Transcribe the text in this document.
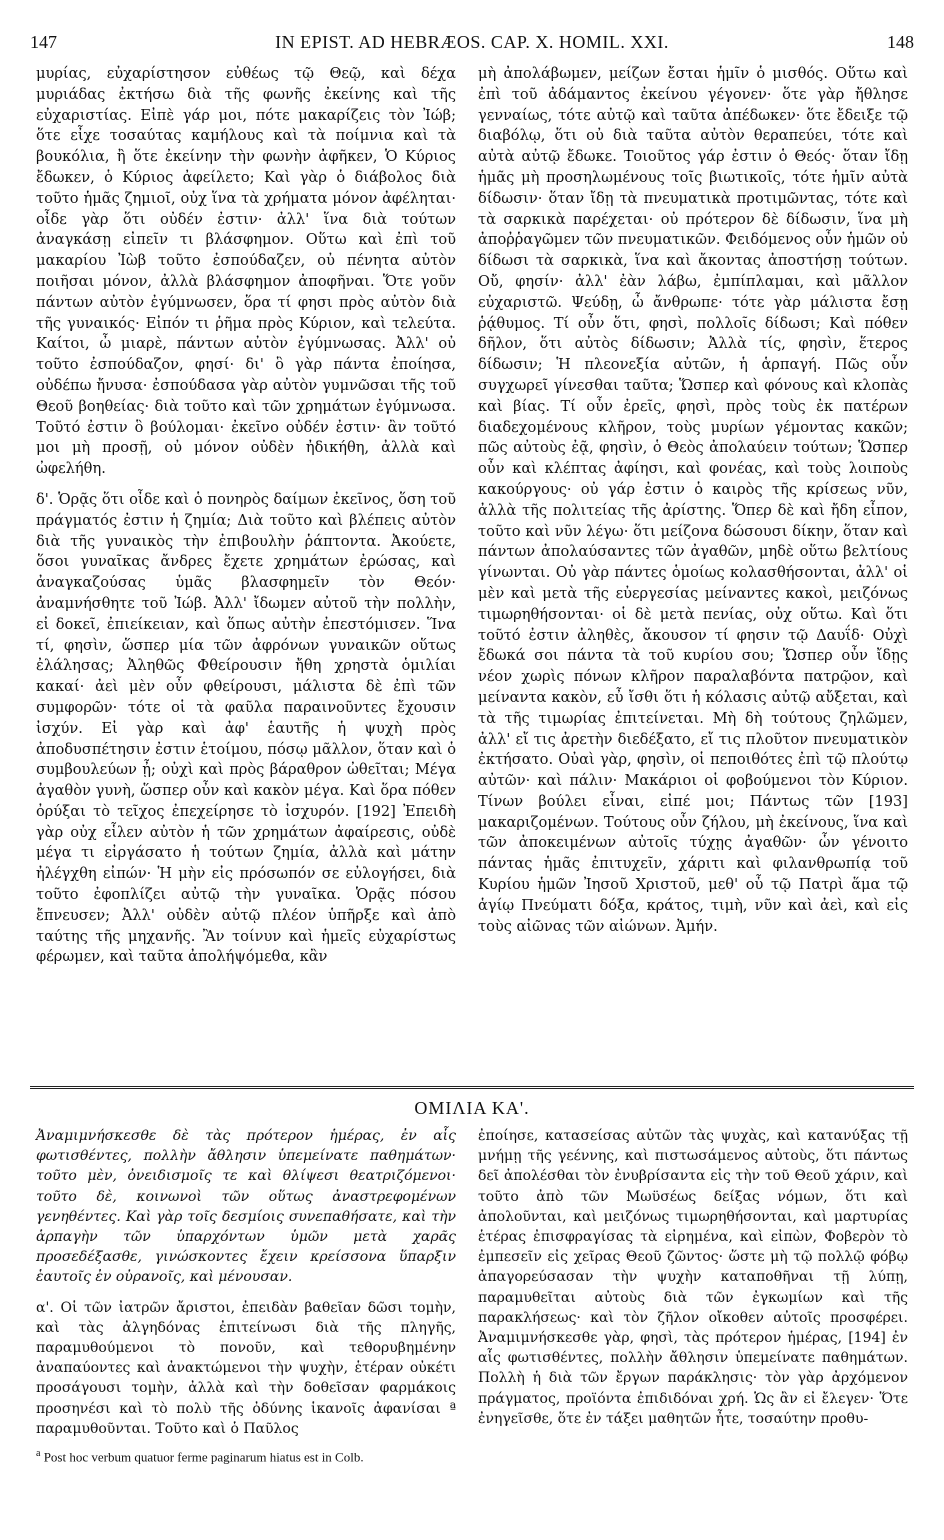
147	IN EPIST. AD HEBRÆOS. CAP. X. HOMIL. XXI.	148

μυρίας, εὐχαρίστησον εὐθέως τῷ Θεῷ, καὶ δέχα μυριάδας ἐκτήσω διὰ τῆς φωνῆς ἐκείνης καὶ τῆς εὐχαριστίας. Εἰπὲ γάρ μοι, πότε μακαρίζεις τὸν Ἰώβ; ὅτε εἶχε τοσαύτας καμήλους καὶ τὰ ποίμνια καὶ τὰ βουκόλια, ἢ ὅτε ἐκείνην τὴν φωνὴν ἀφῆκεν, Ὁ Κύριος ἔδωκεν, ὁ Κύριος ἀφείλετο; Καὶ γὰρ ὁ διάβολος διὰ τοῦτο ἡμᾶς ζημιοῖ, οὐχ ἵνα τὰ χρήματα μόνον ἀφέληται· οἶδε γὰρ ὅτι οὐδέν ἐστιν· ἀλλ' ἵνα διὰ τούτων ἀναγκάσῃ εἰπεῖν τι βλάσφημον. Οὕτω καὶ ἐπὶ τοῦ μακαρίου Ἰὼβ τοῦτο ἐσπούδαζεν, οὐ πένητα αὐτὸν ποιῆσαι μόνον, ἀλλὰ βλάσφημον ἀποφῆναι. Ὅτε γοῦν πάντων αὐτὸν ἐγύμνωσεν, ὅρα τί φησι πρὸς αὐτὸν διὰ τῆς γυναικός· Εἰπόν τι ῥῆμα πρὸς Κύριον, καὶ τελεύτα. Καίτοι, ὦ μιαρὲ, πάντων αὐτὸν ἐγύμνωσας. Ἀλλ' οὐ τοῦτο ἐσπούδαζον, φησί· δι' ὃ γὰρ πάντα ἐποίησα, οὐδέπω ἤνυσα· ἐσπούδασα γὰρ αὐτὸν γυμνῶσαι τῆς τοῦ Θεοῦ βοηθείας· διὰ τοῦτο καὶ τῶν χρημάτων ἐγύμνωσα. Τοῦτό ἐστιν ὃ βούλομαι· ἐκεῖνο οὐδέν ἐστιν· ἂν τοῦτό μοι μὴ προσῇ, οὐ μόνον οὐδὲν ἠδικήθη, ἀλλὰ καὶ ὠφελήθη.

δ'. Ὁρᾷς ὅτι οἶδε καὶ ὁ πονηρὸς δαίμων ἐκεῖνος, ὅση τοῦ πράγματός ἐστιν ἡ ζημία; Διὰ τοῦτο καὶ βλέπεις αὐτὸν διὰ τῆς γυναικὸς τὴν ἐπιβουλὴν ῥάπτοντα. Ἀκούετε, ὅσοι γυναῖκας ἄνδρες ἔχετε χρημάτων ἐρώσας, καὶ ἀναγκαζούσας ὑμᾶς βλασφημεῖν τὸν Θεόν· ἀναμνήσθητε τοῦ Ἰώβ. Ἀλλ' ἴδωμεν αὐτοῦ τὴν πολλὴν, εἰ δοκεῖ, ἐπιείκειαν, καὶ ὅπως αὐτὴν ἐπεστόμισεν. Ἵνα τί, φησὶν, ὥσπερ μία τῶν ἀφρόνων γυναικῶν οὕτως ἐλάλησας; Ἀληθῶς Φθείρουσιν ἤθη χρηστὰ ὁμιλίαι κακαί· ἀεὶ μὲν οὖν φθείρουσι, μάλιστα δὲ ἐπὶ τῶν συμφορῶν· τότε οἱ τὰ φαῦλα παραινοῦντες ἔχουσιν ἰσχύν. Εἰ γὰρ καὶ ἀφ' ἑαυτῆς ἡ ψυχὴ πρὸς ἀποδυσπέτησιν ἐστιν ἑτοίμου, πόσῳ μᾶλλον, ὅταν καὶ ὁ συμβουλεύων ᾖ; οὐχὶ καὶ πρὸς βάραθρον ὠθεῖται; Μέγα ἀγαθὸν γυνὴ, ὥσπερ οὖν καὶ κακὸν μέγα. Καὶ ὅρα πόθεν ὀρύξαι τὸ τεῖχος ἐπεχείρησε τὸ ἰσχυρόν. [192] Ἐπειδὴ γὰρ οὐχ εἷλεν αὐτὸν ἡ τῶν χρημάτων ἀφαίρεσις, οὐδὲ μέγα τι εἰργάσατο ἡ τούτων ζημία, ἀλλὰ καὶ μάτην ἠλέγχθη εἰπών· Ἡ μὴν εἰς πρόσωπόν σε εὐλογήσει, διὰ τοῦτο ἐφοπλίζει αὐτῷ τὴν γυναῖκα. Ὁρᾷς πόσου ἔπνευσεν; Ἀλλ' οὐδὲν αὐτῷ πλέον ὑπῆρξε καὶ ἀπὸ ταύτης τῆς μηχανῆς. Ἂν τοίνυν καὶ ἡμεῖς εὐχαρίστως φέρωμεν, καὶ ταῦτα ἀπολήψόμεθα, κἂν

μὴ ἀπολάβωμεν, μείζων ἔσται ἡμῖν ὁ μισθός. Οὕτω καὶ ἐπὶ τοῦ ἀδάμαντος ἐκείνου γέγονεν· ὅτε γὰρ ἤθλησε γενναίως, τότε αὐτῷ καὶ ταῦτα ἀπέδωκεν· ὅτε ἔδειξε τῷ διαβόλῳ, ὅτι οὐ διὰ ταῦτα αὐτὸν θεραπεύει, τότε καὶ αὐτὰ αὐτῷ ἔδωκε. Τοιοῦτος γάρ ἐστιν ὁ Θεός· ὅταν ἴδῃ ἡμᾶς μὴ προσηλωμένους τοῖς βιωτικοῖς, τότε ἡμῖν αὐτὰ δίδωσιν· ὅταν ἴδῃ τὰ πνευματικὰ προτιμῶντας, τότε καὶ τὰ σαρκικὰ παρέχεται· οὐ πρότερον δὲ δίδωσιν, ἵνα μὴ ἀποῤῥαγῶμεν τῶν πνευματικῶν. Φειδόμενος οὖν ἡμῶν οὐ δίδωσι τὰ σαρκικὰ, ἵνα καὶ ἄκοντας ἀποστήσῃ τούτων. Οὔ, φησίν· ἀλλ' ἐὰν λάβω, ἐμπίπλαμαι, καὶ μᾶλλον εὐχαριστῶ. Ψεύδῃ, ὦ ἄνθρωπε· τότε γὰρ μάλιστα ἔσῃ ῥᾴθυμος. Τί οὖν ὅτι, φησὶ, πολλοῖς δίδωσι; Καὶ πόθεν δῆλον, ὅτι αὐτὸς δίδωσιν; Ἀλλὰ τίς, φησὶν, ἕτερος δίδωσιν; Ἡ πλεονεξία αὐτῶν, ἡ ἁρπαγή. Πῶς οὖν συγχωρεῖ γίνεσθαι ταῦτα; Ὥσπερ καὶ φόνους καὶ κλοπὰς καὶ βίας. Τί οὖν ἐρεῖς, φησὶ, πρὸς τοὺς ἐκ πατέρων διαδεχομένους κλῆρον, τοὺς μυρίων γέμοντας κακῶν; πῶς αὐτοὺς ἐᾷ, φησὶν, ὁ Θεὸς ἀπολαύειν τούτων; Ὥσπερ οὖν καὶ κλέπτας ἀφίησι, καὶ φονέας, καὶ τοὺς λοιποὺς κακούργους· οὐ γάρ ἐστιν ὁ καιρὸς τῆς κρίσεως νῦν, ἀλλὰ τῆς πολιτείας τῆς ἀρίστης. Ὅπερ δὲ καὶ ἤδη εἶπον, τοῦτο καὶ νῦν λέγω· ὅτι μείζονα δώσουσι δίκην, ὅταν καὶ πάντων ἀπολαύσαντες τῶν ἀγαθῶν, μηδὲ οὕτω βελτίους γίνωνται. Οὐ γὰρ πάντες ὁμοίως κολασθήσονται, ἀλλ' οἱ μὲν καὶ μετὰ τῆς εὐεργεσίας μείναντες κακοὶ, μειζόνως τιμωρηθήσονται· οἱ δὲ μετὰ πενίας, οὐχ οὕτω. Καὶ ὅτι τοῦτό ἐστιν ἀληθὲς, ἄκουσον τί φησιν τῷ Δαυΐδ· Οὐχὶ ἔδωκά σοι πάντα τὰ τοῦ κυρίου σου; Ὥσπερ οὖν ἴδῃς νέον χωρὶς πόνων κλῆρον παραλαβόντα πατρῷον, καὶ μείναντα κακὸν, εὖ ἴσθι ὅτι ἡ κόλασις αὐτῷ αὔξεται, καὶ τὰ τῆς τιμωρίας ἐπιτείνεται. Μὴ δὴ τούτους ζηλῶμεν, ἀλλ' εἴ τις ἀρετὴν διεδέξατο, εἴ τις πλοῦτον πνευματικὸν ἐκτήσατο. Οὐαὶ γὰρ, φησὶν, οἱ πεποιθότες ἐπὶ τῷ πλούτῳ αὐτῶν· καὶ πάλιν· Μακάριοι οἱ φοβούμενοι τὸν Κύριον. Τίνων βούλει εἶναι, εἰπέ μοι; Πάντως τῶν [193] μακαριζομένων. Τούτους οὖν ζήλου, μὴ ἐκείνους, ἵνα καὶ τῶν ἀποκειμένων αὐτοῖς τύχῃς ἀγαθῶν· ὧν γένοιτο πάντας ἡμᾶς ἐπιτυχεῖν, χάριτι καὶ φιλανθρωπίᾳ τοῦ Κυρίου ἡμῶν Ἰησοῦ Χριστοῦ, μεθ' οὗ τῷ Πατρὶ ἅμα τῷ ἁγίῳ Πνεύματι δόξα, κράτος, τιμὴ, νῦν καὶ ἀεὶ, καὶ εἰς τοὺς αἰῶνας τῶν αἰώνων. Ἀμήν.

ΟΜΙΛΙΑ ΚΑ'.

Ἀναμιμνήσκεσθε δὲ τὰς πρότερον ἡμέρας, ἐν αἷς φωτισθέντες, πολλὴν ἄθλησιν ὑπεμείνατε παθημάτων· τοῦτο μὲν, ὀνειδισμοῖς τε καὶ θλίψεσι θεατριζόμενοι· τοῦτο δὲ, κοινωνοὶ τῶν οὕτως ἀναστρεφομένων γενηθέντες. Καὶ γὰρ τοῖς δεσμίοις συνεπαθήσατε, καὶ τὴν ἁρπαγὴν τῶν ὑπαρχόντων ὑμῶν μετὰ χαρᾶς προσεδέξασθε, γινώσκοντες ἔχειν κρείσσονα ὕπαρξιν ἑαυτοῖς ἐν οὐρανοῖς, καὶ μένουσαν.

α'. Οἱ τῶν ἰατρῶν ἄριστοι, ἐπειδὰν βαθεῖαν δῶσι τομὴν, καὶ τὰς ἀλγηδόνας ἐπιτείνωσι διὰ τῆς πληγῆς, παραμυθούμενοι τὸ πονοῦν, καὶ τεθορυβημένην ἀναπαύοντες καὶ ἀνακτώμενοι τὴν ψυχὴν, ἑτέραν οὐκέτι προσάγουσι τομὴν, ἀλλὰ καὶ τὴν δοθεῖσαν φαρμάκοις προσηνέσι καὶ τὸ πολὺ τῆς ὀδύνης ἱκανοῖς ἀφανίσαι ª παραμυθοῦνται. Τοῦτο καὶ ὁ Παῦλος

$^a$ Post hoc verbum quatuor ferme paginarum hiatus est in Colb.

ἐποίησε, κατασείσας αὐτῶν τὰς ψυχὰς, καὶ κατανύξας τῇ μνήμῃ τῆς γεέννης, καὶ πιστωσάμενος αὐτοὺς, ὅτι πάντως δεῖ ἀπολέσθαι τὸν ἐνυβρίσαντα εἰς τὴν τοῦ Θεοῦ χάριν, καὶ τοῦτο ἀπὸ τῶν Μωϋσέως δείξας νόμων, ὅτι καὶ ἀπολοῦνται, καὶ μειζόνως τιμωρηθήσονται, καὶ μαρτυρίας ἑτέρας ἐπισφραγίσας τὰ εἰρημένα, καὶ εἰπὼν, Φοβερὸν τὸ ἐμπεσεῖν εἰς χεῖρας Θεοῦ ζῶντος· ὥστε μὴ τῷ πολλῷ φόβῳ ἀπαγορεύσασαν τὴν ψυχὴν καταποθῆναι τῇ λύπῃ, παραμυθεῖται αὐτοὺς διὰ τῶν ἐγκωμίων καὶ τῆς παρακλήσεως· καὶ τὸν ζῆλον οἴκοθεν αὐτοῖς προσφέρει. Ἀναμιμνήσκεσθε γὰρ, φησὶ, τὰς πρότερον ἡμέρας, [194] ἐν αἷς φωτισθέντες, πολλὴν ἄθλησιν ὑπεμείνατε παθημάτων. Πολλὴ ἡ διὰ τῶν ἔργων παράκλησις· τὸν γὰρ ἀρχόμενον πράγματος, προϊόντα ἐπιδιδόναι χρή. Ὡς ἂν εἰ ἔλεγεν· Ὅτε ἐνηγεῖσθε, ὅτε ἐν τάξει μαθητῶν ἦτε, τοσαύτην προθυ-
